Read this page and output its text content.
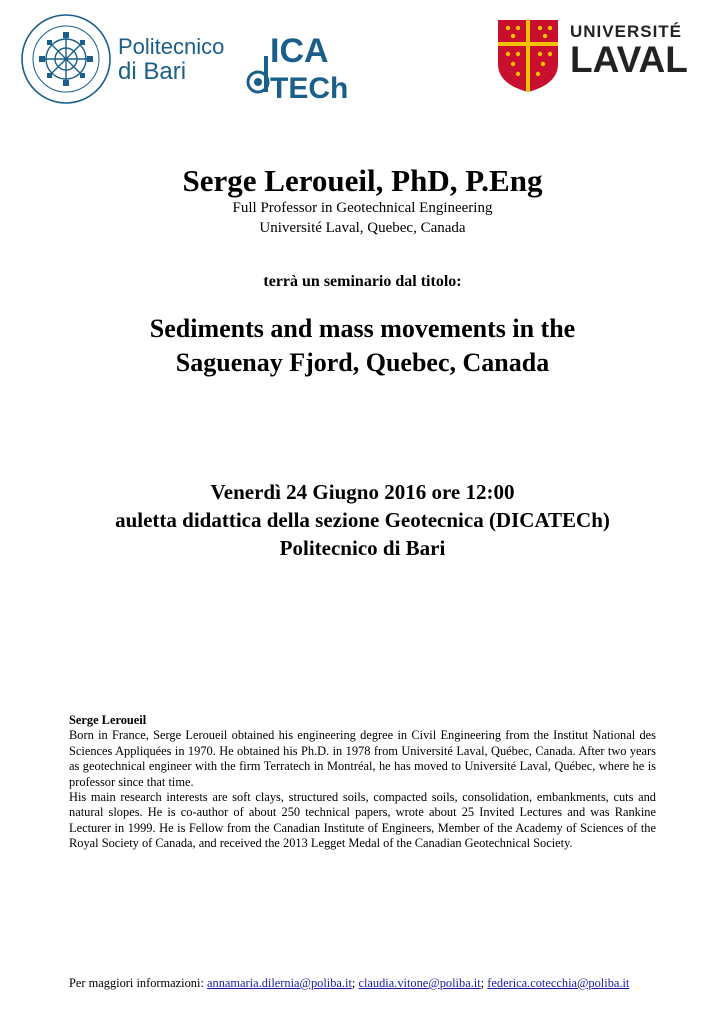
Politecnico
di Bari
ICA
TECh
UNIVERSITÉ
LAVAL
Serge Leroueil, PhD, P.Eng
Full Professor in Geotechnical Engineering
Université Laval, Quebec, Canada
terrà un seminario dal titolo:
Sediments and mass movements in the
Saguenay Fjord, Quebec, Canada
Venerdì 24 Giugno 2016 ore 12:00
auletta didattica della sezione Geotecnica (DICATECh)
Politecnico di Bari
Serge Leroueil

Born in France, Serge Leroueil obtained his engineering degree in Civil Engineering from the Institut National des Sciences Appliquées in 1970. He obtained his Ph.D. in 1978 from Université Laval, Québec, Canada. After two years as geotechnical engineer with the firm Terratech in Montréal, he has moved to Université Laval, Québec, where he is professor since that time.

His main research interests are soft clays, structured soils, compacted soils, consolidation, embankments, cuts and natural slopes. He is co-author of about 250 technical papers, wrote about 25 Invited Lectures and was Rankine Lecturer in 1999. He is Fellow from the Canadian Institute of Engineers, Member of the Academy of Sciences of the Royal Society of Canada, and received the 2013 Legget Medal of the Canadian Geotechnical Society.

Per maggiori informazioni: annamaria.dilernia@poliba.it; claudia.vitone@poliba.it; federica.cotecchia@poliba.it
